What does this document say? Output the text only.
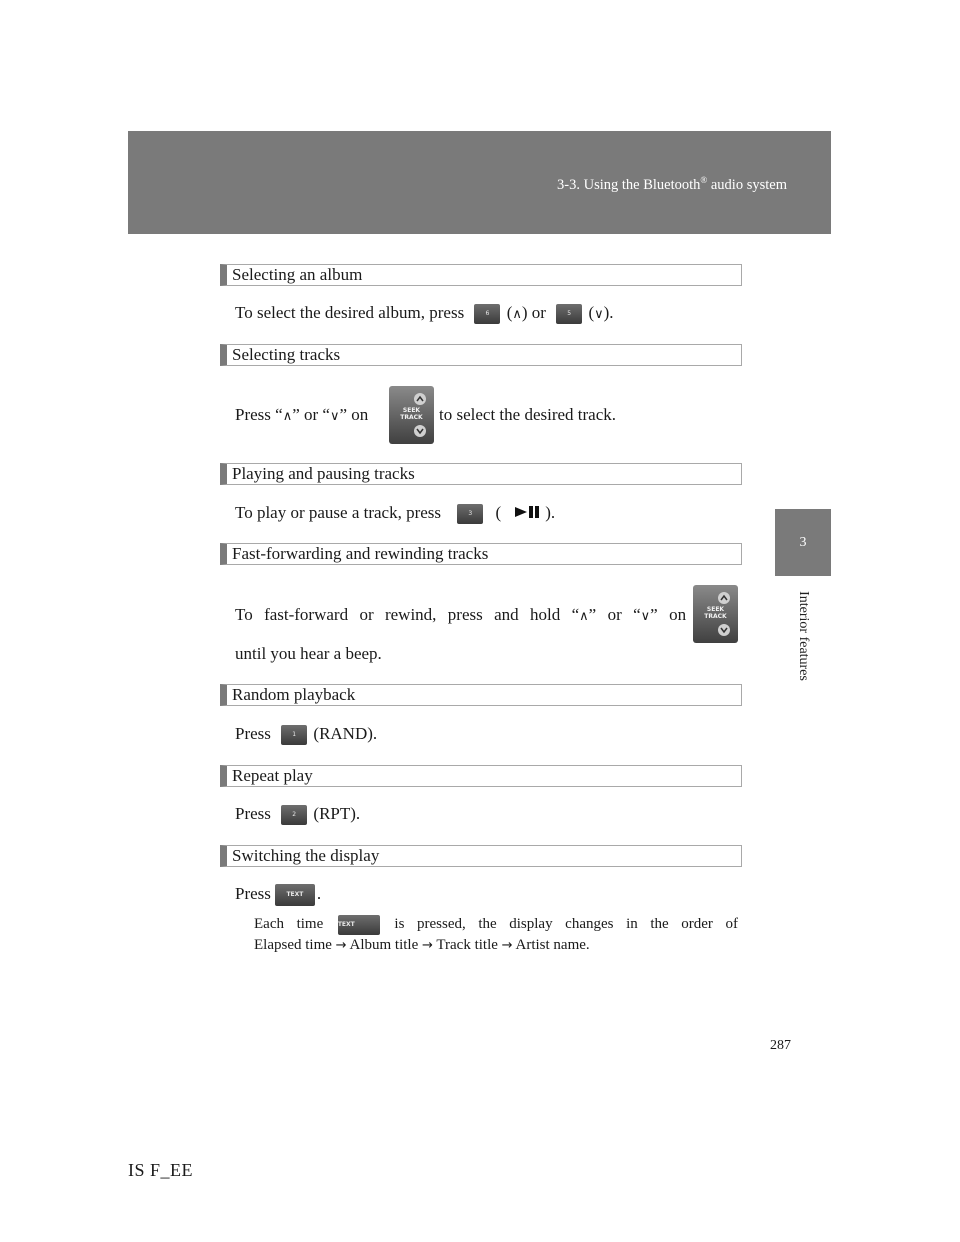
3-3. Using the Bluetooth® audio system
3
Interior features
Selecting an album
To select the desired album, press	6 (∧) or	5 (∨).
Selecting tracks
Press “∧” or “∨” on	SEEK
TRACK to select the desired track.
Playing and pausing tracks
To play or pause a track, press	3 (	).
Fast-forwarding and rewinding tracks
To fast-forward or rewind, press and hold “∧” or “∨” on	SEEK
TRACK
until you hear a beep.
Random playback
Press	1 (RAND).
Repeat play
Press	2 (RPT).
Switching the display
Press	TEXT .
Each time TEXT	is pressed, the display changes in the order of
Elapsed time → Album title → Track title → Artist name.
287
IS F_EE
